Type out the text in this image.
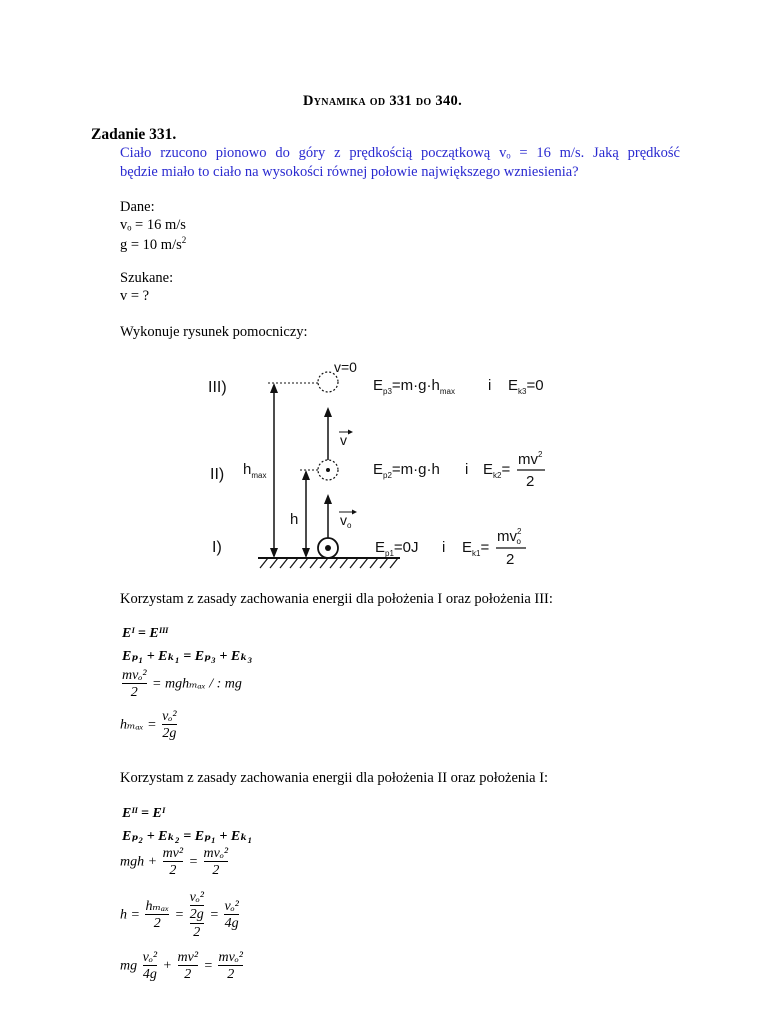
Dynamika od 331 do 340.
Zadanie 331.
Ciało rzucono pionowo do góry z prędkością początkową vₒ = 16 m/s. Jaką prędkość
będzie miało to ciało na wysokości równej połowie największego wzniesienia?
Dane:
vₒ = 16 m/s
g = 10 $m/s^2$
Szukane:
v = ?
Wykonuje rysunek pomocniczy:
III)
II)
I)
v=0
$h_{max}$
h
v
$v_o$
$E_{p3}=m\cdot g\cdot h_{max}$ i $E_{k3}=0$
$E_{p2}=m\cdot g\cdot h$ i $E_{k2}=$
$mv^2$
2
$E_{p1}=0J$ i $E_{k1}=$
$mv^2$ o
2
Korzystam z zasady zachowania energii dla położenia I oraz położenia III:
Eᴵ = Eᴵᴵᴵ
Eₚ₁ + Eₖ₁ = Eₚ₃ + Eₖ₃
$\frac{\text{mvₒ²}}{2} = mgh_{max}$ / : mg
$h_{max} = \frac{\text{vₒ²}}{2g}$
Korzystam z zasady zachowania energii dla położenia II oraz położenia I:
Eᴵᴵ = Eᴵ
Eₚ₂ + Eₖ₂ = Eₚ₁ + Eₖ₁
mgh + $\frac{\text{mv²}}{2} = \frac{\text{mvₒ²}}{2}$
$h = \frac{\text{hₘₐₓ}}{2} = \frac{\frac{\text{vₒ²}}{2g}}{2} = \frac{\text{vₒ²}}{4g}$
mg $\frac{\text{vₒ²}}{4g} + \frac{\text{mv²}}{2} = \frac{\text{mvₒ²}}{2}$
